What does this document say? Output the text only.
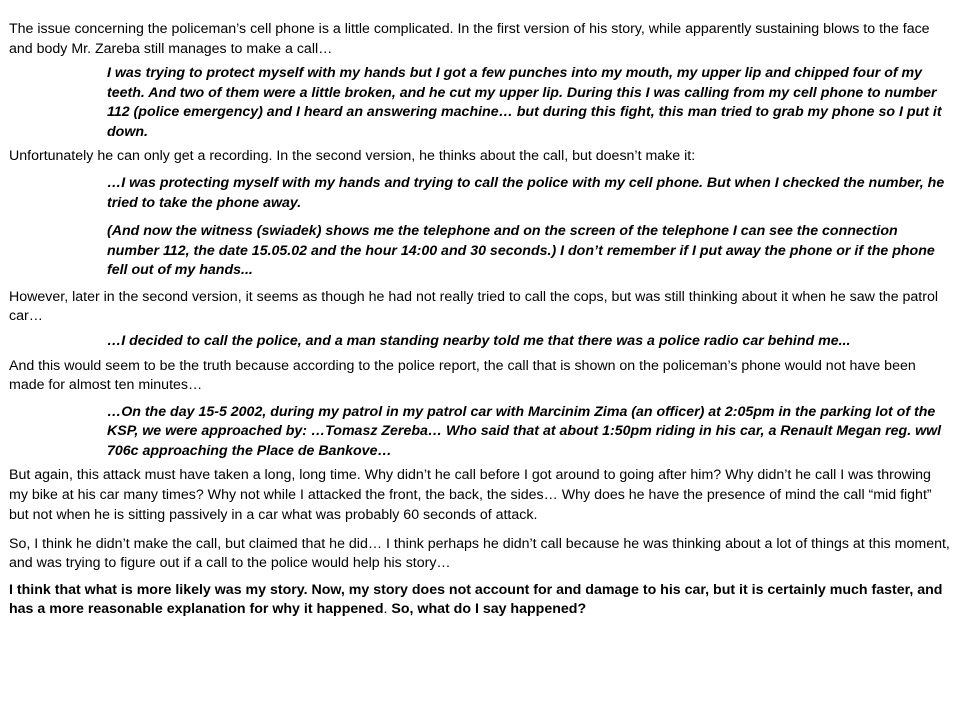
The issue concerning the policeman’s cell phone is a little complicated. In the first version of his story, while apparently sustaining blows to the face and body Mr. Zareba still manages to make a call…

I was trying to protect myself with my hands but I got a few punches into my mouth, my upper lip and chipped four of my teeth. And two of them were a little broken, and he cut my upper lip. During this I was calling from my cell phone to number 112 (police emergency) and I heard an answering machine… but during this fight, this man tried to grab my phone so I put it down.

Unfortunately he can only get a recording. In the second version, he thinks about the call, but doesn’t make it:

…I was protecting myself with my hands and trying to call the police with my cell phone. But when I checked the number, he tried to take the phone away.

(And now the witness (swiadek) shows me the telephone and on the screen of the telephone I can see the connection number 112, the date 15.05.02 and the hour 14:00 and 30 seconds.) I don’t remember if I put away the phone or if the phone fell out of my hands...

However, later in the second version, it seems as though he had not really tried to call the cops, but was still thinking about it when he saw the patrol car…

…I decided to call the police, and a man standing nearby told me that there was a police radio car behind me...

And this would seem to be the truth because according to the police report, the call that is shown on the policeman’s phone would not have been made for almost ten minutes…

…On the day 15-5 2002, during my patrol in my patrol car with Marcinim Zima (an officer) at 2:05pm in the parking lot of the KSP, we were approached by: …Tomasz Zereba… Who said that at about 1:50pm riding in his car, a Renault Megan reg. wwl 706c approaching the Place de Bankove…

But again, this attack must have taken a long, long time. Why didn’t he call before I got around to going after him? Why didn’t he call I was throwing my bike at his car many times? Why not while I attacked the front, the back, the sides… Why does he have the presence of mind the call “mid fight” but not when he is sitting passively in a car what was probably 60 seconds of attack.

So, I think he didn’t make the call, but claimed that he did… I think perhaps he didn’t call because he was thinking about a lot of things at this moment, and was trying to figure out if a call to the police would help his story…

I think that what is more likely was my story. Now, my story does not account for and damage to his car, but it is certainly much faster, and has a more reasonable explanation for why it happened. So, what do I say happened?
